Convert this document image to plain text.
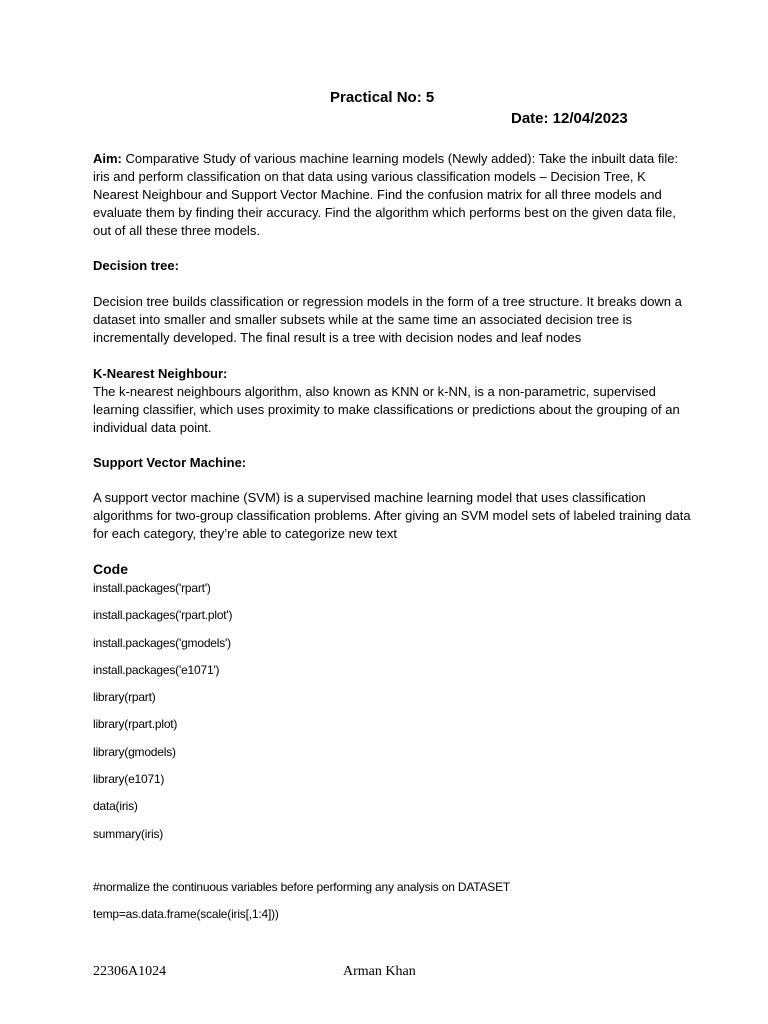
Practical No: 5

Date: 12/04/2023

Aim: Comparative Study of various machine learning models (Newly added): Take the inbuilt data file: iris and perform classification on that data using various classification models – Decision Tree, K Nearest Neighbour and Support Vector Machine. Find the confusion matrix for all three models and evaluate them by finding their accuracy. Find the algorithm which performs best on the given data file, out of all these three models.

Decision tree:

Decision tree builds classification or regression models in the form of a tree structure. It breaks down a dataset into smaller and smaller subsets while at the same time an associated decision tree is incrementally developed. The final result is a tree with decision nodes and leaf nodes

K-Nearest Neighbour:
The k-nearest neighbours algorithm, also known as KNN or k-NN, is a non-parametric, supervised learning classifier, which uses proximity to make classifications or predictions about the grouping of an individual data point.

Support Vector Machine:

A support vector machine (SVM) is a supervised machine learning model that uses classification algorithms for two-group classification problems. After giving an SVM model sets of labeled training data for each category, they’re able to categorize new text

Code

install.packages('rpart')
install.packages('rpart.plot')
install.packages('gmodels')
install.packages('e1071')
library(rpart)
library(rpart.plot)
library(gmodels)
library(e1071)
data(iris)
summary(iris)

#normalize the continuous variables before performing any analysis on DATASET

temp=as.data.frame(scale(iris[,1:4]))

22306A1024	Arman Khan
